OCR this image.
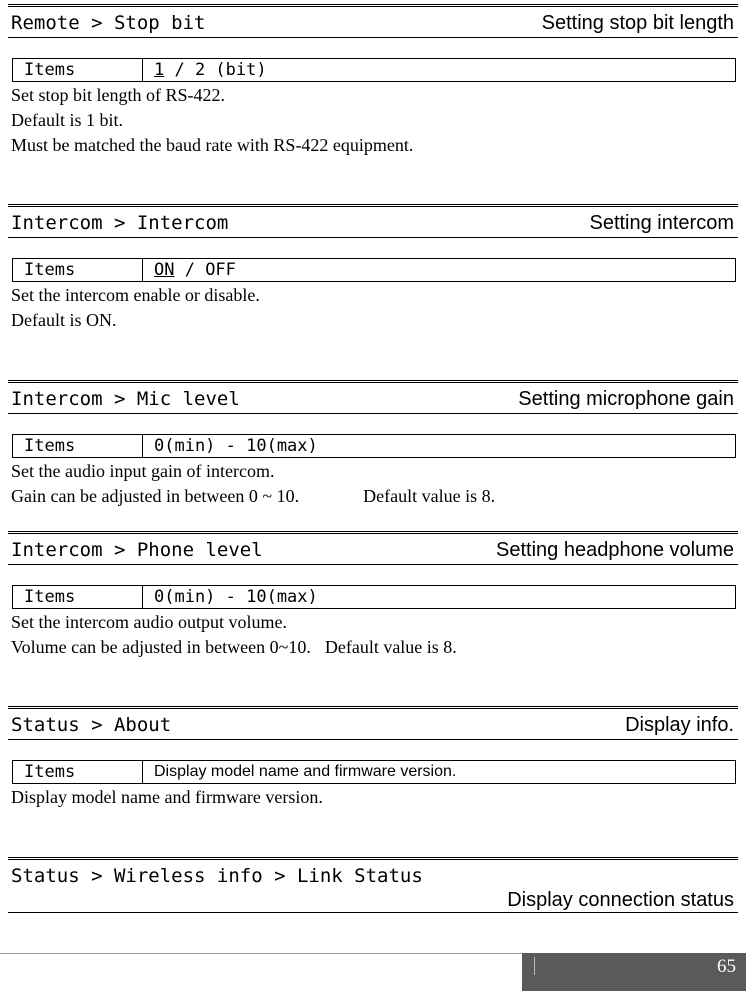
Remote > Stop bit	Setting stop bit length
Items	1 / 2 (bit)
Set stop bit length of RS-422.
Default is 1 bit.
Must be matched the baud rate with RS-422 equipment.
Intercom > Intercom	Setting intercom
Items	ON / OFF
Set the intercom enable or disable.
Default is ON.
Intercom > Mic level	Setting microphone gain
Items	0(min) - 10(max)
Set the audio input gain of intercom.
Gain can be adjusted in between 0 ~ 10.	Default value is 8.
Intercom > Phone level	Setting headphone volume
Items	0(min) - 10(max)
Set the intercom audio output volume.
Volume can be adjusted in between 0~10. Default value is 8.
Status > About	Display info.
Items	Display model name and firmware version.
Display model name and firmware version.
Status > Wireless info > Link Status
Display connection status
65
